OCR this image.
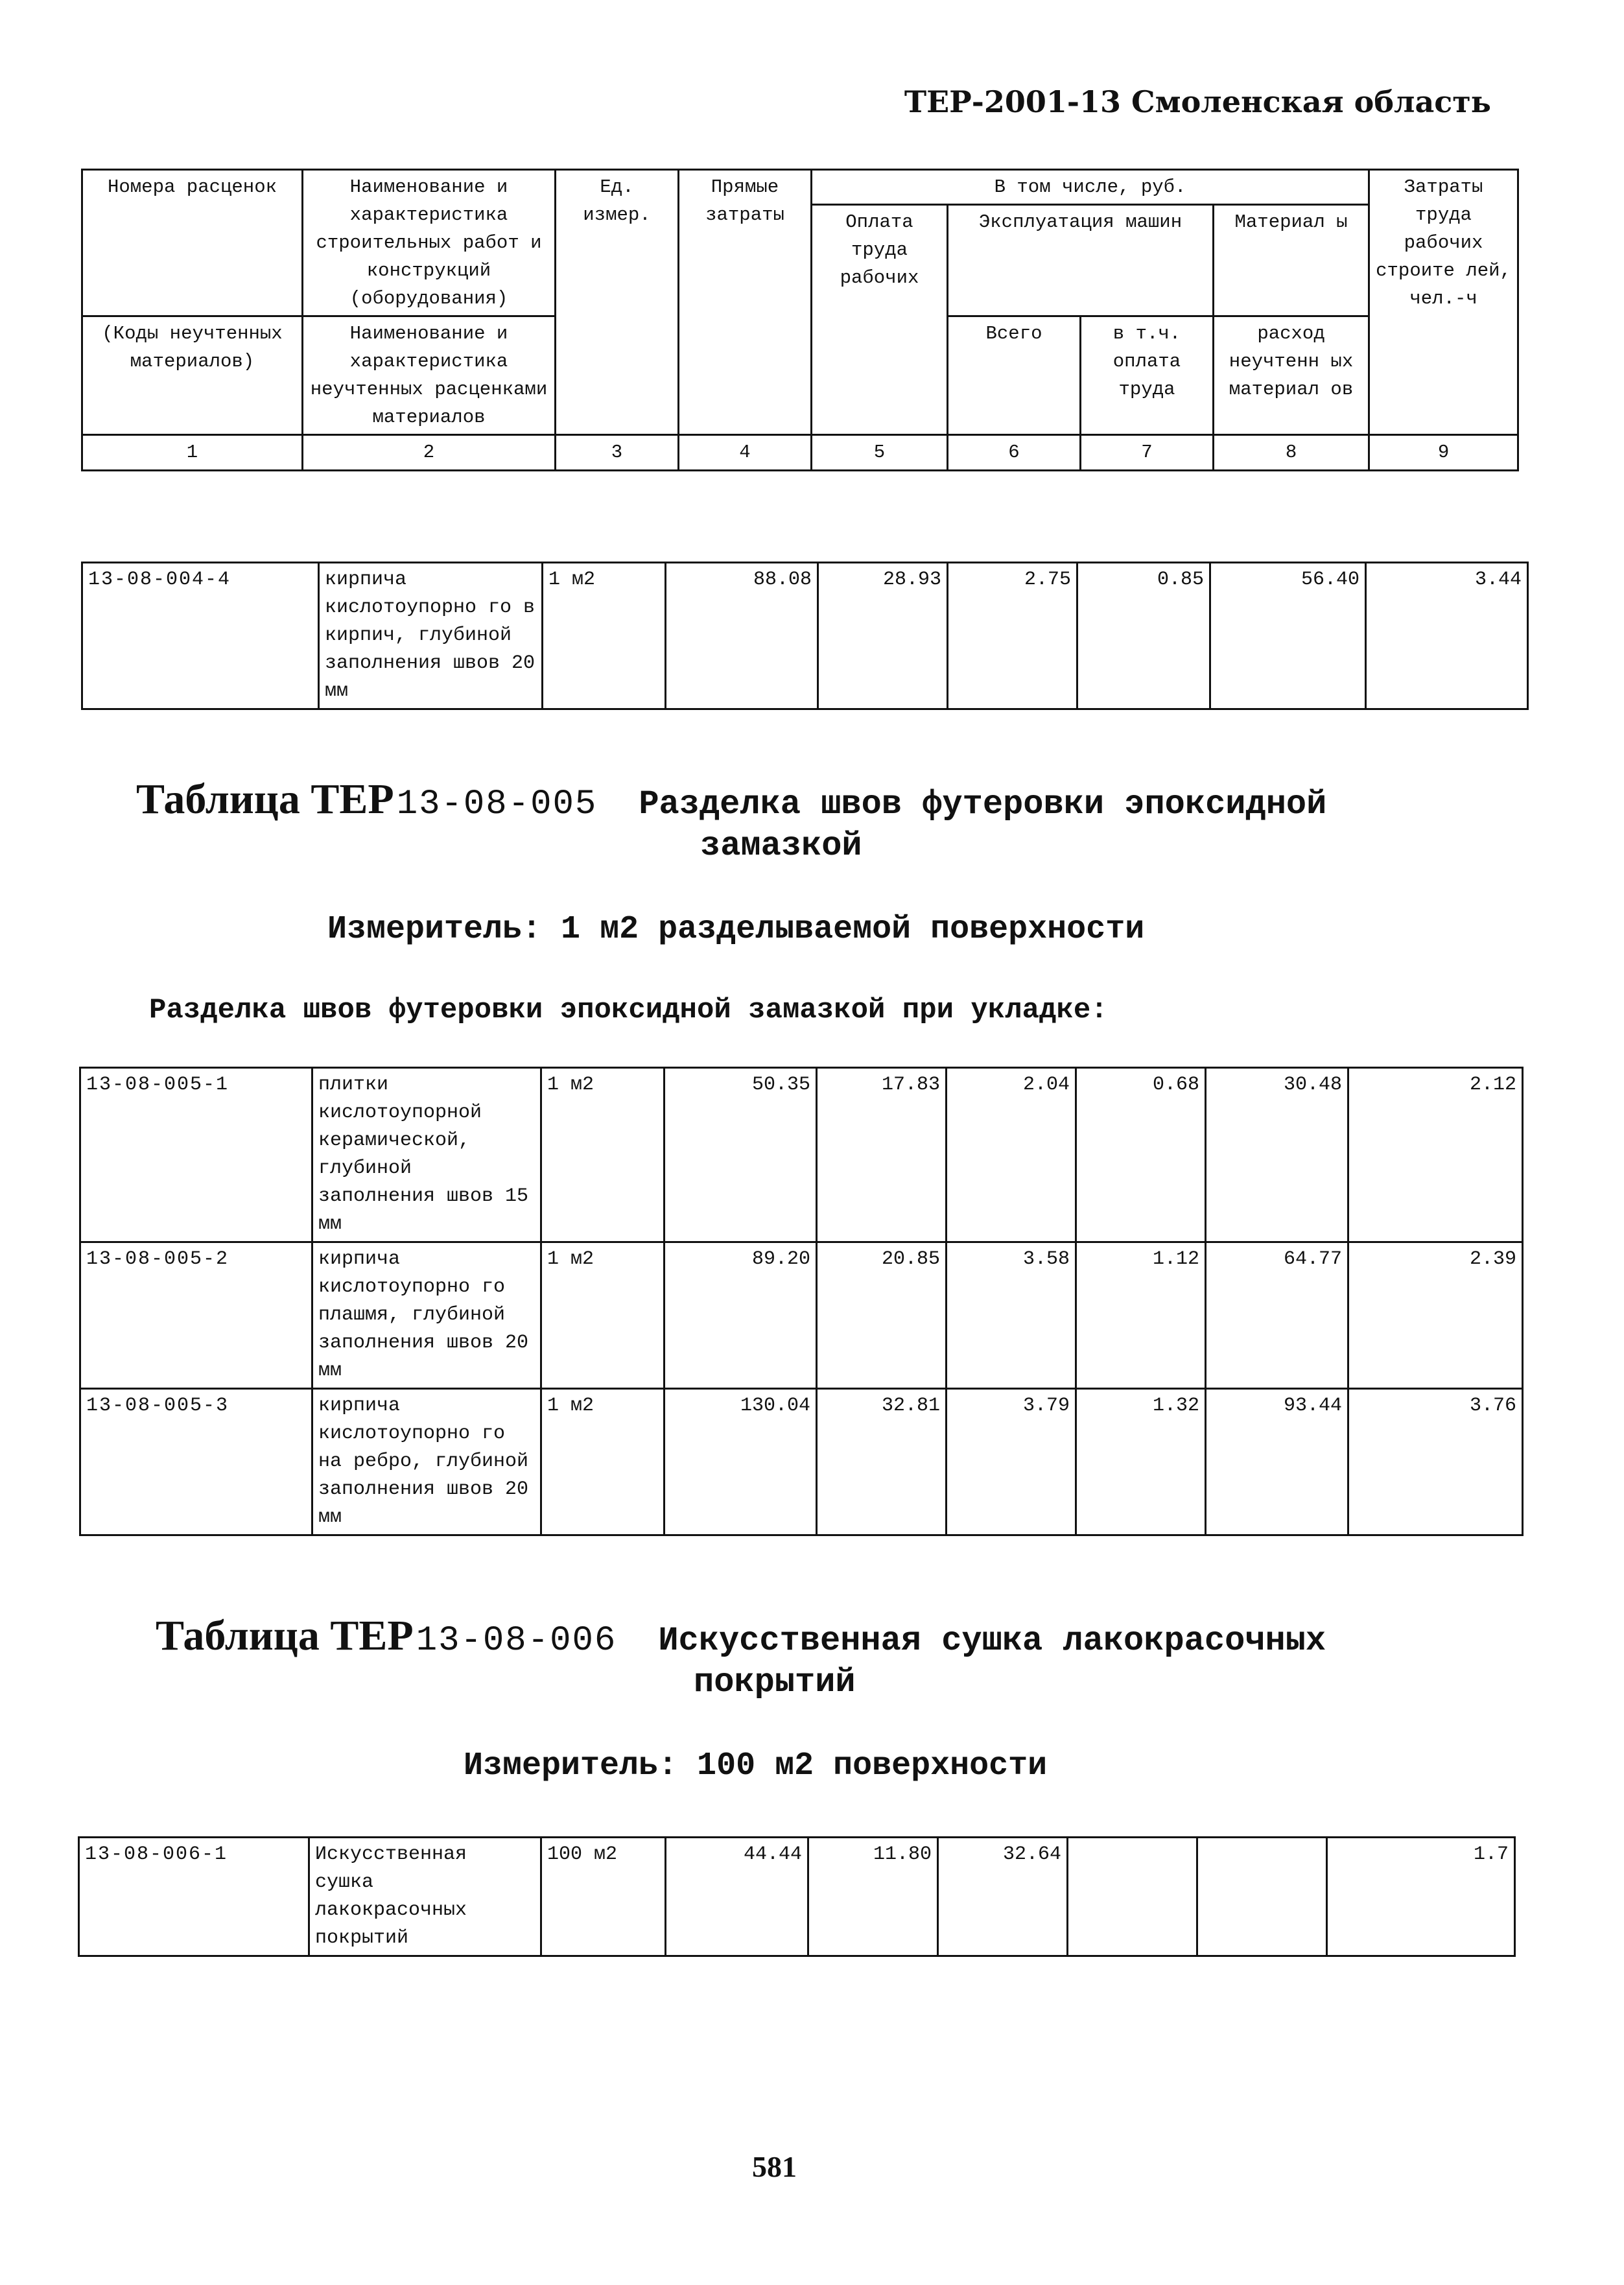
ТЕР-2001-13 Смоленская область
Номера расценок	Наименование и характеристика строительных работ и конструкций (оборудования)	Ед. измер.	Прямые затраты	В том числе, руб.				Затраты труда рабочих строите лей, чел.-ч
				Оплата труда рабочих	Эксплуатация машин		Материал ы	
(Коды неучтенных материалов)	Наименование и характеристика неучтенных расценками материалов				Всего	в т.ч. оплата труда	расход неучтенн ых материал ов	

1	2	3	4	5	6	7	8	9
13-08-004-4	кирпича кислотоупорно го в кирпич, глубиной заполнения швов 20 мм	1 м2	88.08	28.93	2.75	0.85	56.40	3.44
Таблица ТЕР 13-08-005 Разделка швов футеровки эпоксидной
замазкой
Измеритель: 1 м2 разделываемой поверхности
Разделка швов футеровки эпоксидной замазкой при укладке:
13-08-005-1	плитки кислотоупорной керамической, глубиной заполнения швов 15 мм	1 м2	50.35	17.83	2.04	0.68	30.48	2.12
13-08-005-2	кирпича кислотоупорно го плашмя, глубиной заполнения швов 20 мм	1 м2	89.20	20.85	3.58	1.12	64.77	2.39
13-08-005-3	кирпича кислотоупорно го на ребро, глубиной заполнения швов 20 мм	1 м2	130.04	32.81	3.79	1.32	93.44	3.76
Таблица ТЕР 13-08-006 Искусственная сушка лакокрасочных
покрытий
Измеритель: 100 м2 поверхности
13-08-006-1	Искусственная сушка лакокрасочных покрытий	100 м2	44.44	11.80	32.64			1.7
581
